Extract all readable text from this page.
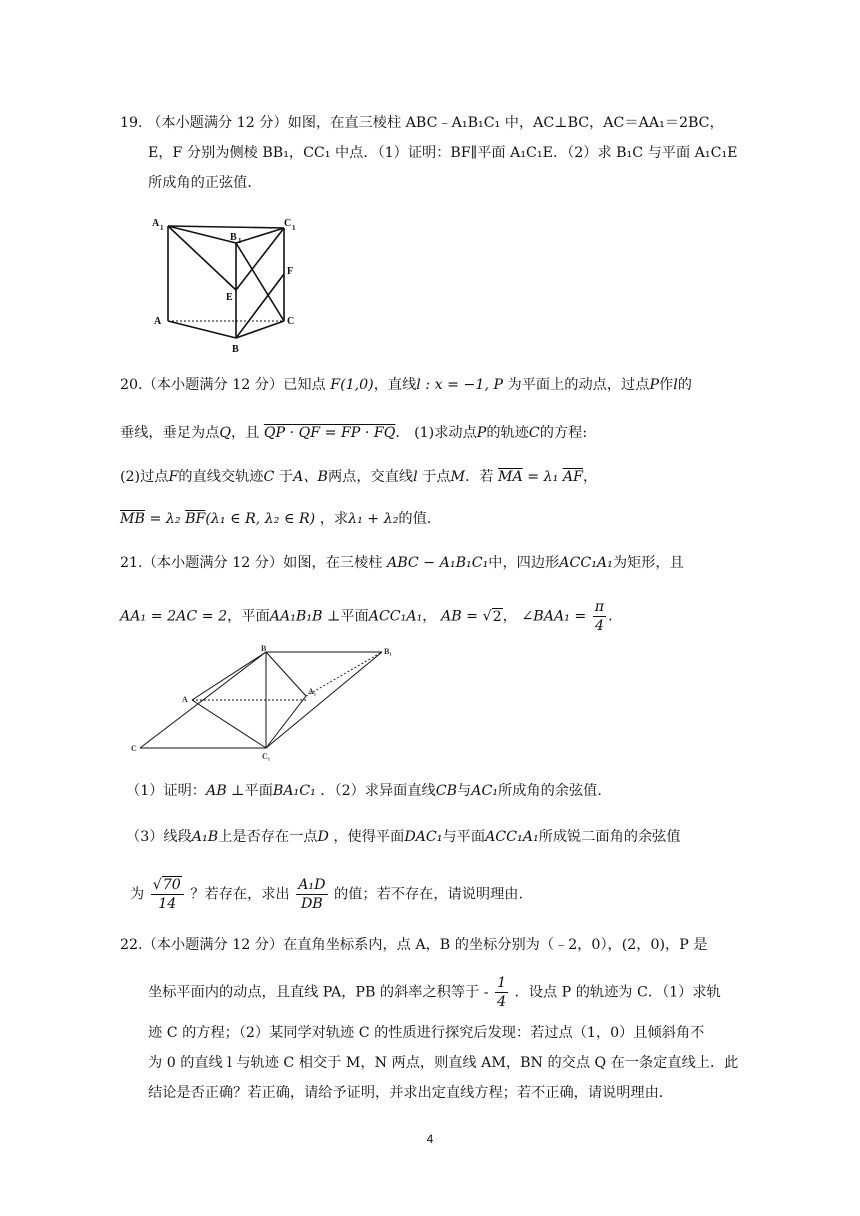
19. （本小题满分 12 分）如图，在直三棱柱 ABC﹣A₁B₁C₁ 中，AC⊥BC，AC＝AA₁＝2BC，
E，F 分别为侧棱 BB₁，CC₁ 中点．（1）证明：BF∥平面 A₁C₁E．（2）求 B₁C 与平面 A₁C₁E
所成角的正弦值．
A 1
B 1
C 1
A
B
C
E
F
20.（本小题满分 12 分）已知点 F(1,0)，直线l : x = −1, P 为平面上的动点，过点P作l的
垂线，垂足为点Q，且 QP · QF = FP · FQ． (1)求动点P的轨迹C的方程:
(2)过点F的直线交轨迹C 于A、B两点，交直线l 于点M．若 $\overline{MA} = \lambda_1$ $\overline{AF}$，
$\overline{MB} = \lambda_2$ $\overline{BF}(\lambda_1$ ∈ R, λ₂ ∈ R) ，求λ₁ + λ₂的值.
21.（本小题满分 12 分）如图，在三棱柱 ABC − A₁B₁C₁中，四边形ACC₁A₁为矩形，且
AA₁ = 2AC = 2，平面AA₁B₁B ⊥平面ACC₁A₁， AB = √2， ∠BAA₁ = $\frac{\pi}{4}$ ．
B	B₁
A
A₁
C
C₁
（1）证明：AB ⊥平面BA₁C₁ ．（2）求异面直线CB与AC₁所成角的余弦值.
（3）线段A₁B上是否存在一点D ，使得平面DAC₁与平面ACC₁A₁所成锐二面角的余弦值
为 $\frac{√70}{14}$ ？若存在，求出 $\frac{\text{A₁D}}{DB}$ 的值；若不存在，请说明理由.
22.（本小题满分 12 分）在直角坐标系内，点 A，B 的坐标分别为（﹣2，0），(2，0)，P 是
坐标平面内的动点，且直线 PA，PB 的斜率之积等于 - $\frac{1}{4}$ ．设点 P 的轨迹为 C．（1）求轨
迹 C 的方程；（2）某同学对轨迹 C 的性质进行探究后发现：若过点（1，0）且倾斜角不
为 0 的直线 l 与轨迹 C 相交于 M，N 两点，则直线 AM，BN 的交点 Q 在一条定直线上．此
结论是否正确？若正确，请给予证明，并求出定直线方程；若不正确，请说明理由．
4
